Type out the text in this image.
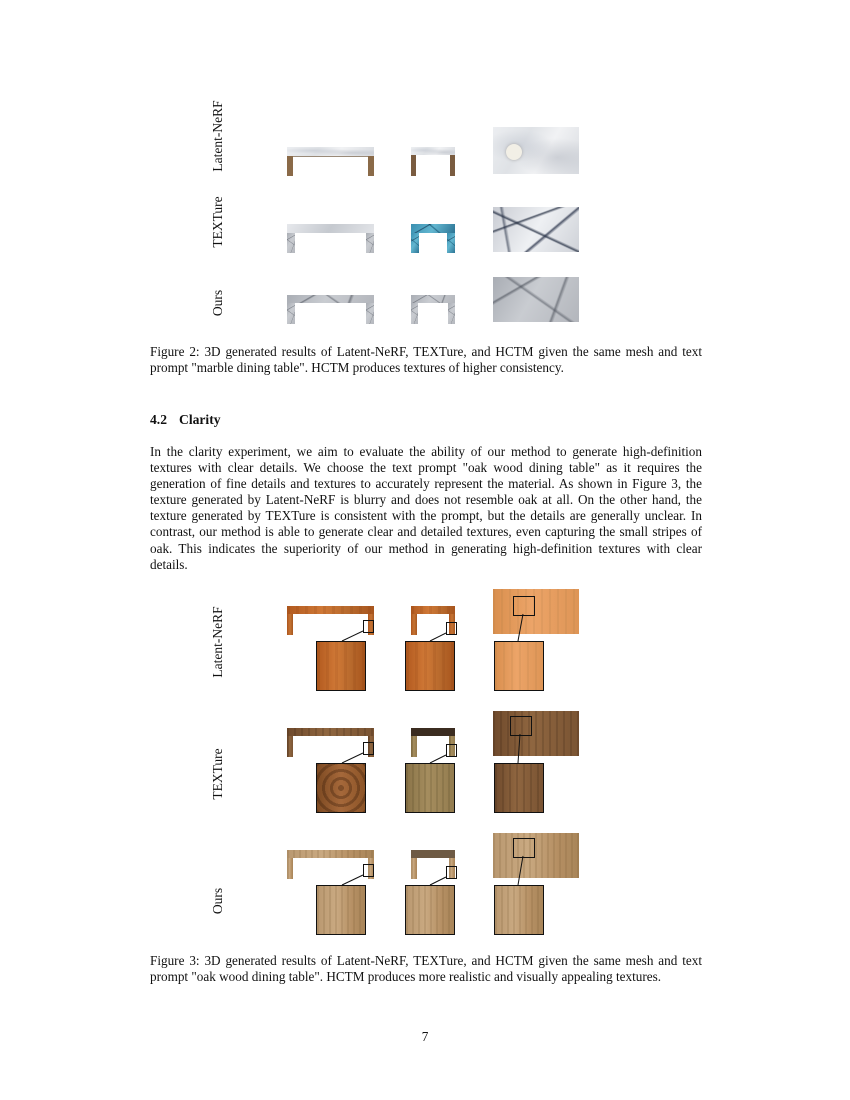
Latent-NeRF
TEXTure
Ours
Figure 2: 3D generated results of Latent-NeRF, TEXTure, and HCTM given the same mesh and text prompt "marble dining table". HCTM produces textures of higher consistency.
4.2 Clarity
In the clarity experiment, we aim to evaluate the ability of our method to generate high-definition textures with clear details. We choose the text prompt "oak wood dining table" as it requires the generation of fine details and textures to accurately represent the material. As shown in Figure 3, the texture generated by Latent-NeRF is blurry and does not resemble oak at all. On the other hand, the texture generated by TEXTure is consistent with the prompt, but the details are generally unclear. In contrast, our method is able to generate clear and detailed textures, even capturing the small stripes of oak. This indicates the superiority of our method in generating high-definition textures with clear details.
Latent-NeRF
TEXTure
Ours
Figure 3: 3D generated results of Latent-NeRF, TEXTure, and HCTM given the same mesh and text prompt "oak wood dining table". HCTM produces more realistic and visually appealing textures.
7
